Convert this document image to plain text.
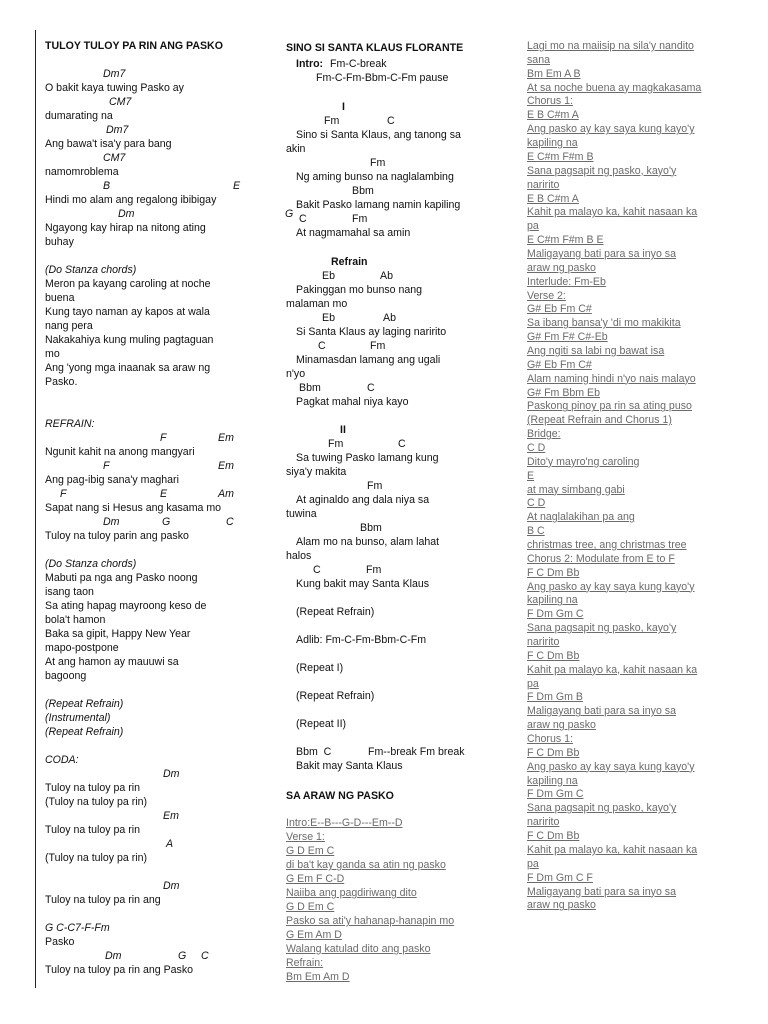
TULOY TULOY PA RIN ANG PASKO
Dm7
O bakit kaya tuwing Pasko ay
CM7
dumarating na
Dm7
Ang bawa't isa'y para bang
CM7
namomroblema
B	E
Hindi mo alam ang regalong ibibigay
Dm
Ngayong kay hirap na nitong ating
buhay
(Do Stanza chords)
Meron pa kayang caroling at noche
buena
Kung tayo naman ay kapos at wala
nang pera
Nakakahiya kung muling pagtaguan
mo
Ang 'yong mga inaanak sa araw ng
Pasko.
REFRAIN:
F	Em
Ngunit kahit na anong mangyari
F	Em
Ang pag-ibig sana'y maghari
F	E	Am
Sapat nang si Hesus ang kasama mo
Dm	G	C
Tuloy na tuloy parin ang pasko
(Do Stanza chords)
Mabuti pa nga ang Pasko noong
isang taon
Sa ating hapag mayroong keso de
bola't hamon
Baka sa gipit, Happy New Year
mapo-postpone
At ang hamon ay mauuwi sa
bagoong
(Repeat Refrain)
(Instrumental)
(Repeat Refrain)
CODA:
Dm
Tuloy na tuloy pa rin
(Tuloy na tuloy pa rin)
Em
Tuloy na tuloy pa rin
A
(Tuloy na tuloy pa rin)
Dm
Tuloy na tuloy pa rin ang
G C-C7-F-Fm
Pasko
Dm	G C
Tuloy na tuloy pa rin ang Pasko
SINO SI SANTA KLAUS FLORANTE
Intro: Fm-C-break
Fm-C-Fm-Bbm-C-Fm pause
I
Fm	C
Sino si Santa Klaus, ang tanong sa
akin
Fm
Ng aming bunso na naglalambing
Bbm
Bakit Pasko lamang namin kapiling
G C	Fm
At nagmamahal sa amin
Refrain
Eb	Ab
Pakinggan mo bunso nang
malaman mo
Eb	Ab
Si Santa Klaus ay laging naririto
C	Fm
Minamasdan lamang ang ugali
n'yo
Bbm	C
Pagkat mahal niya kayo
II
Fm	C
Sa tuwing Pasko lamang kung
siya'y makita
Fm
At aginaldo ang dala niya sa
tuwina
Bbm
Alam mo na bunso, alam lahat
halos
C	Fm
Kung bakit may Santa Klaus
(Repeat Refrain)
Adlib: Fm-C-Fm-Bbm-C-Fm
(Repeat I)
(Repeat Refrain)
(Repeat II)
Bbm  C	Fm--break Fm break
Bakit may Santa Klaus
SA ARAW NG PASKO
Intro:E--B---G-D---Em--D
Verse 1:
G D Em C
di ba't kay ganda sa atin ng pasko
G Em F C-D
Naiiba ang pagdiriwang dito
G D Em C
Pasko sa ati'y hahanap-hanapin mo
G Em Am D
Walang katulad dito ang pasko
Refrain:
Bm Em Am D
Lagi mo na maiisip na sila'y nandito
sana
Bm Em A B
At sa noche buena ay magkakasama
Chorus 1:
E B C#m A
Ang pasko ay kay saya kung kayo'y
kapiling na
E C#m F#m B
Sana pagsapit ng pasko, kayo'y
naririto
E B C#m A
Kahit pa malayo ka, kahit nasaan ka
pa
E C#m F#m B E
Maligayang bati para sa inyo sa
araw ng pasko
Interlude: Fm-Eb
Verse 2:
G# Eb Fm C#
Sa ibang bansa'y 'di mo makikita
G# Fm F# C#-Eb
Ang ngiti sa labi ng bawat isa
G# Eb Fm C#
Alam naming hindi n'yo nais malayo
G# Fm Bbm Eb
Paskong pinoy pa rin sa ating puso
(Repeat Refrain and Chorus 1)
Bridge:
C D
Dito'y mayro'ng caroling
E
at may simbang gabi
C D
At naglalakihan pa ang
B C
christmas tree, ang christmas tree
Chorus 2: Modulate from E to F
F C Dm Bb
Ang pasko ay kay saya kung kayo'y
kapiling na
F Dm Gm C
Sana pagsapit ng pasko, kayo'y
naririto
F C Dm Bb
Kahit pa malayo ka, kahit nasaan ka
pa
F Dm Gm B
Maligayang bati para sa inyo sa
araw ng pasko
Chorus 1:
F C Dm Bb
Ang pasko ay kay saya kung kayo'y
kapiling na
F Dm Gm C
Sana pagsapit ng pasko, kayo'y
naririto
F C Dm Bb
Kahit pa malayo ka, kahit nasaan ka
pa
F Dm Gm C F
Maligayang bati para sa inyo sa
araw ng pasko
